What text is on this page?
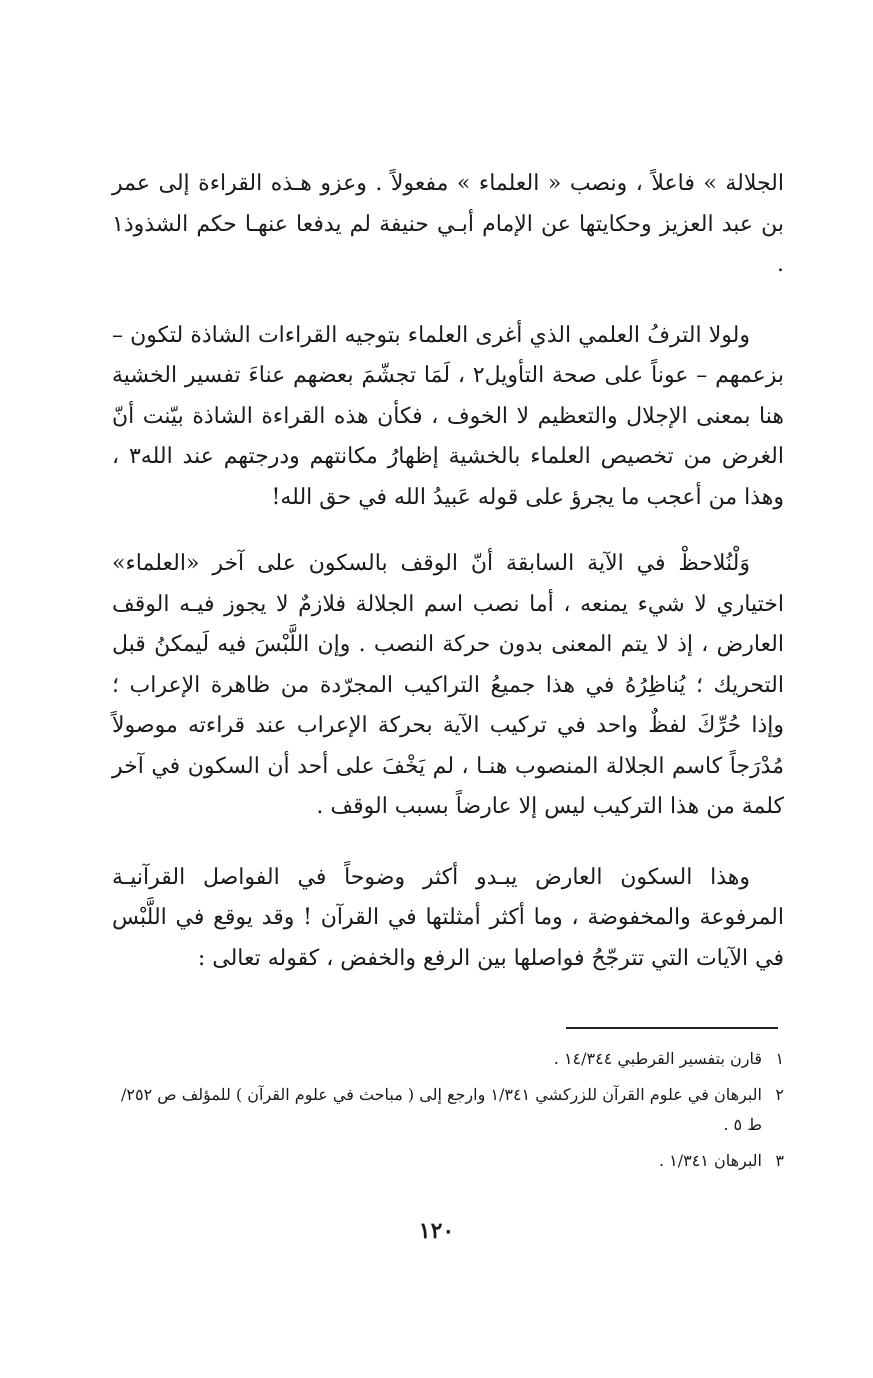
الجلالة » فاعلاً ، ونصب « العلماء » مفعولاً . وعزو هـذه القراءة إلى عمر بن عبد العزيز وحكايتها عن الإمام أبـي حنيفة لم يدفعا عنهـا حكم الشذوذ١ .

ولولا الترفُ العلمي الذي أغرى العلماء بتوجيه القراءات الشاذة لتكون – بزعمهم – عوناً على صحة التأويل٢ ، لَمَا تجشّمَ بعضهم عناءَ تفسير الخشية هنا بمعنى الإجلال والتعظيم لا الخوف ، فكأن هذه القراءة الشاذة بيّنت أنّ الغرض من تخصيص العلماء بالخشية إظهارُ مكانتهم ودرجتهم عند الله٣ ، وهذا من أعجب ما يجرؤ على قوله عَبيدُ الله في حق الله!

وَلْنُلاحظْ في الآية السابقة أنّ الوقف بالسكون على آخر «العلماء» اختياري لا شيء يمنعه ، أما نصب اسم الجلالة فلازمٌ لا يجوز فيـه الوقف العارض ، إذ لا يتم المعنى بدون حركة النصب . وإن اللَّبْسَ فيه لَيمكنُ قبل التحريك ؛ يُناظِرُهُ في هذا جميعُ التراكيب المجرّدة من ظاهرة الإعراب ؛ وإذا حُرِّكَ لفظٌ واحد في تركيب الآية بحركة الإعراب عند قراءته موصولاً مُدْرَجاً كاسم الجلالة المنصوب هنـا ، لم يَخْفَ على أحد أن السكون في آخر كلمة من هذا التركيب ليس إلا عارضاً بسبب الوقف .

وهذا السكون العارض يبـدو أكثر وضوحاً في الفواصل القرآنيـة المرفوعة والمخفوضة ، وما أكثر أمثلتها في القرآن ! وقد يوقع في اللَّبْس في الآيات التي تترجّحُ فواصلها بين الرفع والخفض ، كقوله تعالى :

١
قارن بتفسير القرطبي ١٤/٣٤٤ .
٢
البرهان في علوم القرآن للزركشي ١/٣٤١ وارجع إلى ( مباحث في علوم القرآن ) للمؤلف ص ٢٥٢/ط ٥ .
٣
البرهان ١/٣٤١ .
١٢٠
